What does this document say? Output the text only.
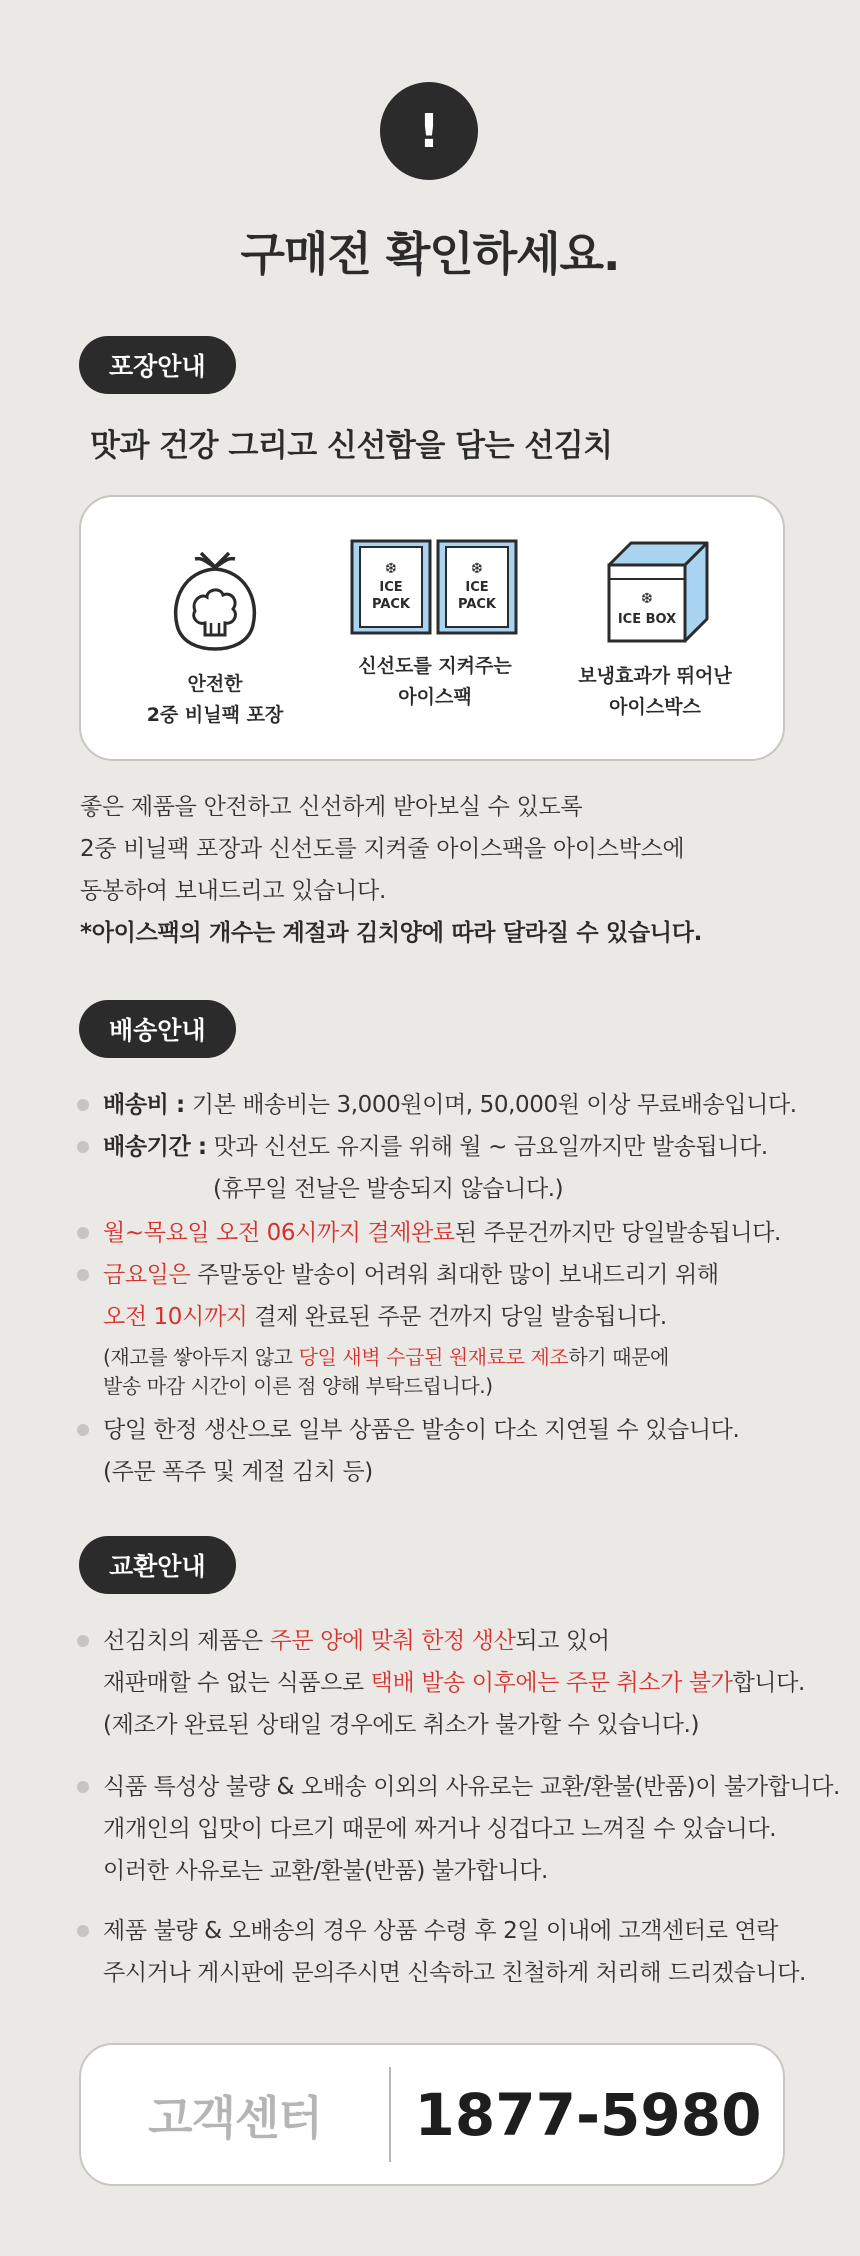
!
구매전 확인하세요.
포장안내
맛과 건강 그리고 신선함을 담는 선김치
안전한
2중 비닐팩 포장
❆
ICE
PACK
❆
ICE
PACK
신선도를 지켜주는
아이스팩
❆
ICE BOX
보냉효과가 뛰어난
아이스박스
좋은 제품을 안전하고 신선하게 받아보실 수 있도록
2중 비닐팩 포장과 신선도를 지켜줄 아이스팩을 아이스박스에
동봉하여 보내드리고 있습니다.
*아이스팩의 개수는 계절과 김치양에 따라 달라질 수 있습니다.
배송안내
배송비 : 기본 배송비는 3,000원이며, 50,000원 이상 무료배송입니다.
배송기간 : 맛과 신선도 유지를 위해 월 ~ 금요일까지만 발송됩니다.
(휴무일 전날은 발송되지 않습니다.)
월~목요일 오전 06시까지 결제완료된 주문건까지만 당일발송됩니다.
금요일은 주말동안 발송이 어려워 최대한 많이 보내드리기 위해
오전 10시까지 결제 완료된 주문 건까지 당일 발송됩니다.
(재고를 쌓아두지 않고 당일 새벽 수급된 원재료로 제조하기 때문에
발송 마감 시간이 이른 점 양해 부탁드립니다.)
당일 한정 생산으로 일부 상품은 발송이 다소 지연될 수 있습니다.
(주문 폭주 및 계절 김치 등)
교환안내
선김치의 제품은 주문 양에 맞춰 한정 생산되고 있어
재판매할 수 없는 식품으로 택배 발송 이후에는 주문 취소가 불가합니다.
(제조가 완료된 상태일 경우에도 취소가 불가할 수 있습니다.)
식품 특성상 불량 & 오배송 이외의 사유로는 교환/환불(반품)이 불가합니다.
개개인의 입맛이 다르기 때문에 짜거나 싱겁다고 느껴질 수 있습니다.
이러한 사유로는 교환/환불(반품) 불가합니다.
제품 불량 & 오배송의 경우 상품 수령 후 2일 이내에 고객센터로 연락
주시거나 게시판에 문의주시면 신속하고 친철하게 처리해 드리겠습니다.
고객센터	1877-5980
